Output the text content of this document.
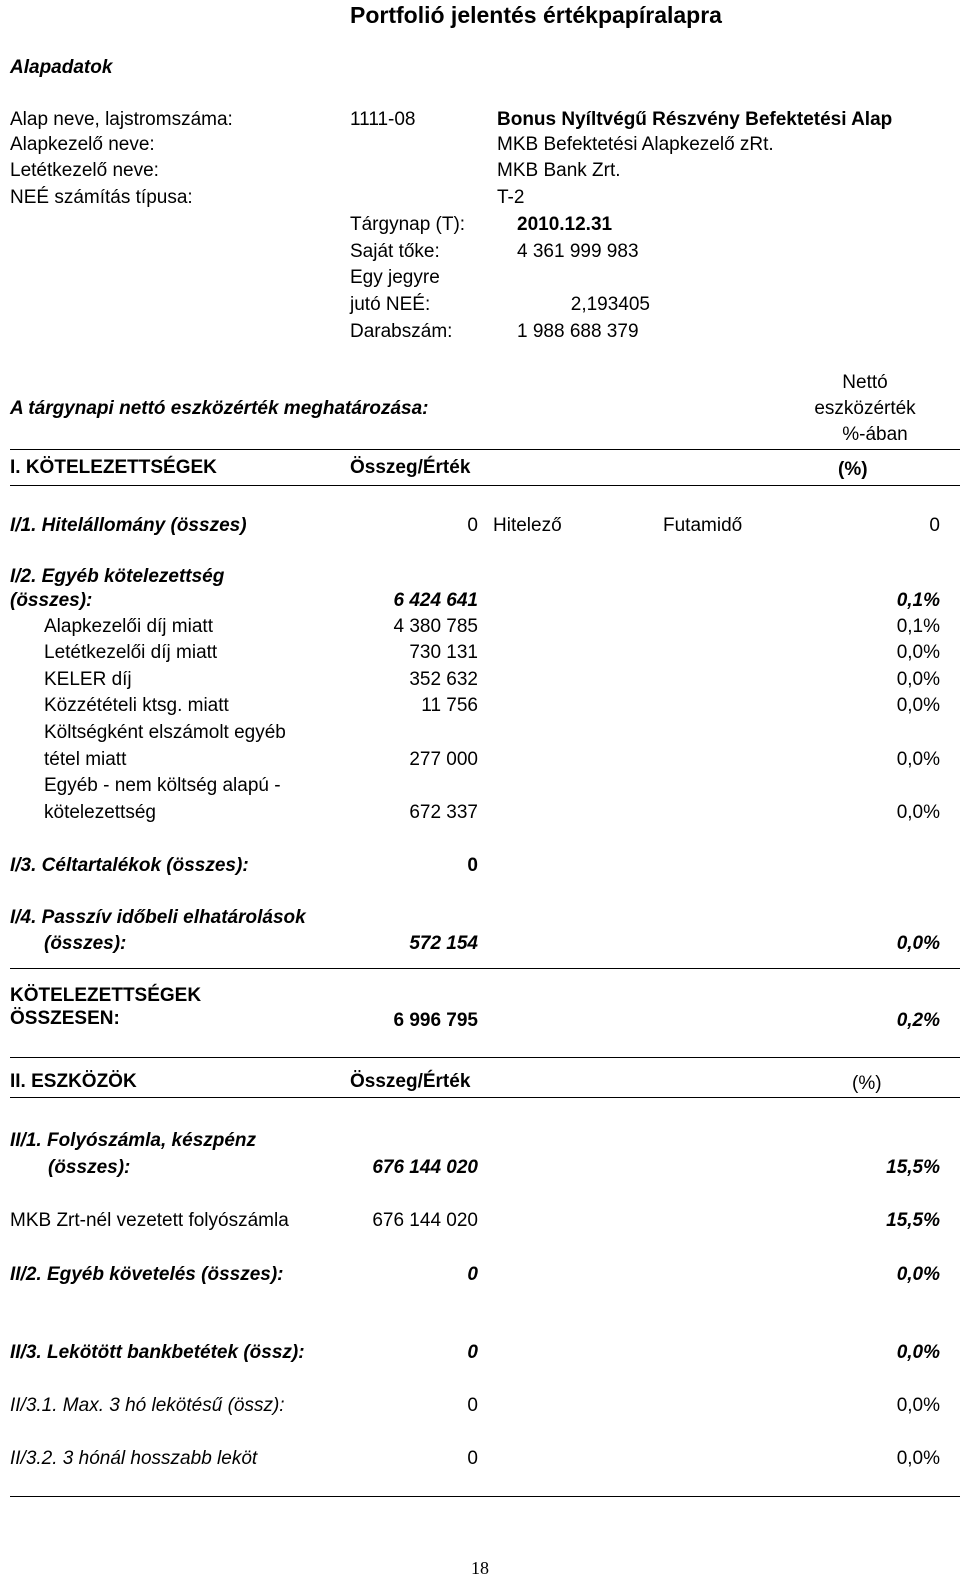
Portfolió jelentés értékpapíralapra
Alapadatok
Alap neve, lajstromszáma:	1111-08	Bonus Nyíltvégű Részvény Befektetési Alap
Alapkezelő neve:	MKB Befektetési Alapkezelő zRt.
Letétkezelő neve:	MKB Bank Zrt.
NEÉ számítás típusa:	T-2
Tárgynap (T):	2010.12.31
Saját tőke:	4 361 999 983
Egy jegyre
jutó NEÉ:	2,193405
Darabszám:	1 988 688 379
A tárgynapi nettó eszközérték meghatározása:
Nettó
eszközérték
%-ában
I. KÖTELEZETTSÉGEK	Összeg/Érték	(%)
I/1. Hitelállomány (összes)	0 Hitelező	Futamidő	0
I/2. Egyéb kötelezettség
(összes):	6 424 641	0,1%
Alapkezelői díj miatt	4 380 785	0,1%
Letétkezelői díj miatt	730 131	0,0%
KELER díj	352 632	0,0%
Közzétételi ktsg. miatt	11 756	0,0%
Költségként elszámolt egyéb
tétel miatt	277 000	0,0%
Egyéb - nem költség alapú -
kötelezettség	672 337	0,0%
I/3. Céltartalékok (összes):	0
I/4. Passzív időbeli elhatárolások
(összes):	572 154	0,0%
KÖTELEZETTSÉGEK
ÖSSZESEN:	6 996 795	0,2%
II. ESZKÖZÖK	Összeg/Érték	(%)
II/1. Folyószámla, készpénz
(összes):	676 144 020	15,5%
MKB Zrt-nél vezetett folyószámla	676 144 020	15,5%
II/2. Egyéb követelés (összes):	0	0,0%
II/3. Lekötött bankbetétek (össz):	0	0,0%
II/3.1. Max. 3 hó lekötésű (össz):	0	0,0%
II/3.2. 3 hónál hosszabb leköt	0	0,0%
18
